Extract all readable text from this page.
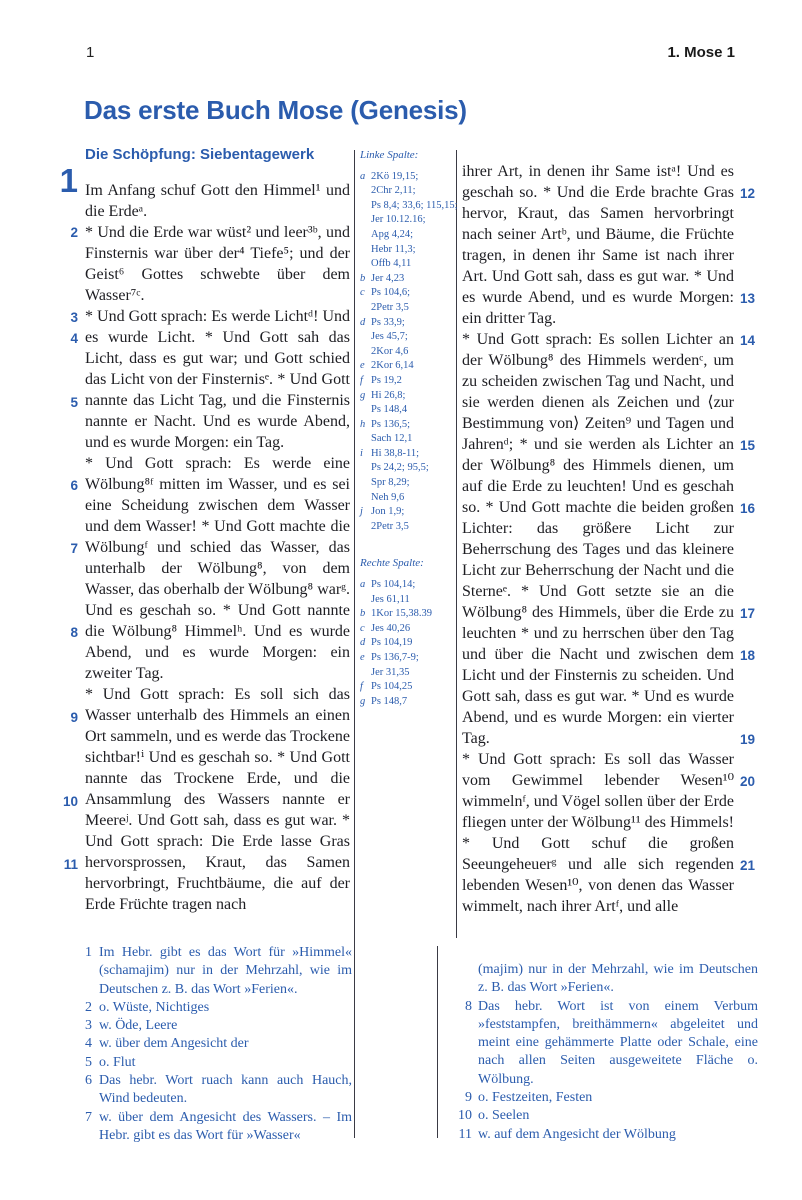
1	1. Mose 1
Das erste Buch Mose (Genesis)
Die Schöpfung: Siebentagewerk
1
2
3
4
5
6
7
8
9
10
11

Im Anfang schuf Gott den Himmel¹ und die Erdeᵃ.

* Und die Erde war wüst² und leer³ᵇ, und Finsternis war über der⁴ Tiefe⁵; und der Geist⁶ Gottes schwebte über dem Wasser⁷ᶜ.

* Und Gott sprach: Es werde Lichtᵈ! Und es wurde Licht. * Und Gott sah das Licht, dass es gut war; und Gott schied das Licht von der Finsternisᵉ. * Und Gott nannte das Licht Tag, und die Finsternis nannte er Nacht. Und es wurde Abend, und es wurde Morgen: ein Tag.

* Und Gott sprach: Es werde eine Wölbung⁸ᶠ mitten im Wasser, und es sei eine Scheidung zwischen dem Wasser und dem Wasser! * Und Gott machte die Wölbungᶠ und schied das Wasser, das unterhalb der Wölbung⁸, von dem Wasser, das oberhalb der Wölbung⁸ warᵍ. Und es geschah so. * Und Gott nannte die Wölbung⁸ Himmelʰ. Und es wurde Abend, und es wurde Morgen: ein zweiter Tag.

* Und Gott sprach: Es soll sich das Wasser unterhalb des Himmels an einen Ort sammeln, und es werde das Trockene sichtbar!ⁱ Und es geschah so. * Und Gott nannte das Trockene Erde, und die Ansammlung des Wassers nannte er Meereʲ. Und Gott sah, dass es gut war. * Und Gott sprach: Die Erde lasse Gras hervorsprossen, Kraut, das Samen hervorbringt, Fruchtbäume, die auf der Erde Früchte tragen nach

Linke Spalte:
a 2Kö 19,15;
2Chr 2,11;
Ps 8,4; 33,6; 115,15;
Jer 10.12.16;
Apg 4,24;
Hebr 11,3;
Offb 4,11
b Jer 4,23
c Ps 104,6;
2Petr 3,5
d Ps 33,9;
Jes 45,7;
2Kor 4,6
e 2Kor 6,14
f Ps 19,2
g Hi 26,8;
Ps 148,4
h Ps 136,5;
Sach 12,1
i Hi 38,8-11;
Ps 24,2; 95,5;
Spr 8,29;
Neh 9,6
j Jon 1,9;
2Petr 3,5
Rechte Spalte:
a Ps 104,14;
Jes 61,11
b 1Kor 15,38.39
c Jes 40,26
d Ps 104,19
e Ps 136,7-9;
Jer 31,35
f Ps 104,25
g Ps 148,7

ihrer Art, in denen ihr Same istᵃ! Und es geschah so. * Und die Erde brachte Gras hervor, Kraut, das Samen hervorbringt nach seiner Artᵇ, und Bäume, die Früchte tragen, in denen ihr Same ist nach ihrer Art. Und Gott sah, dass es gut war. * Und es wurde Abend, und es wurde Morgen: ein dritter Tag.

* Und Gott sprach: Es sollen Lichter an der Wölbung⁸ des Himmels werdenᶜ, um zu scheiden zwischen Tag und Nacht, und sie werden dienen als Zeichen und ⟨zur Bestimmung von⟩ Zeiten⁹ und Tagen und Jahrenᵈ; * und sie werden als Lichter an der Wölbung⁸ des Himmels dienen, um auf die Erde zu leuchten! Und es geschah so. * Und Gott machte die beiden großen Lichter: das größere Licht zur Beherrschung des Tages und das kleinere Licht zur Beherrschung der Nacht und die Sterneᵉ. * Und Gott setzte sie an die Wölbung⁸ des Himmels, über die Erde zu leuchten * und zu herrschen über den Tag und über die Nacht und zwischen dem Licht und der Finsternis zu scheiden. Und Gott sah, dass es gut war. * Und es wurde Abend, und es wurde Morgen: ein vierter Tag.

* Und Gott sprach: Es soll das Wasser vom Gewimmel lebender Wesen¹⁰ wimmelnᶠ, und Vögel sollen über der Erde fliegen unter der Wölbung¹¹ des Himmels! * Und Gott schuf die großen Seeungeheuerᵍ und alle sich regenden lebenden Wesen¹⁰, von denen das Wasser wimmelt, nach ihrer Artᶠ, und alle

12
13
14
15
16
17
18
19
20
21
1 Im Hebr. gibt es das Wort für »Himmel« (schamajim) nur in der Mehrzahl, wie im Deutschen z. B. das Wort »Ferien«.
2 o. Wüste, Nichtiges
3 w. Öde, Leere
4 w. über dem Angesicht der
5 o. Flut
6 Das hebr. Wort ruach kann auch Hauch, Wind bedeuten.
7 w. über dem Angesicht des Wassers. – Im Hebr. gibt es das Wort für »Wasser«
(majim) nur in der Mehrzahl, wie im Deutschen z. B. das Wort »Ferien«.
8 Das hebr. Wort ist von einem Verbum »feststampfen, breithämmern« abgeleitet und meint eine gehämmerte Platte oder Schale, eine nach allen Seiten ausgeweitete Fläche o. Wölbung.
9 o. Festzeiten, Festen
10 o. Seelen
11 w. auf dem Angesicht der Wölbung
